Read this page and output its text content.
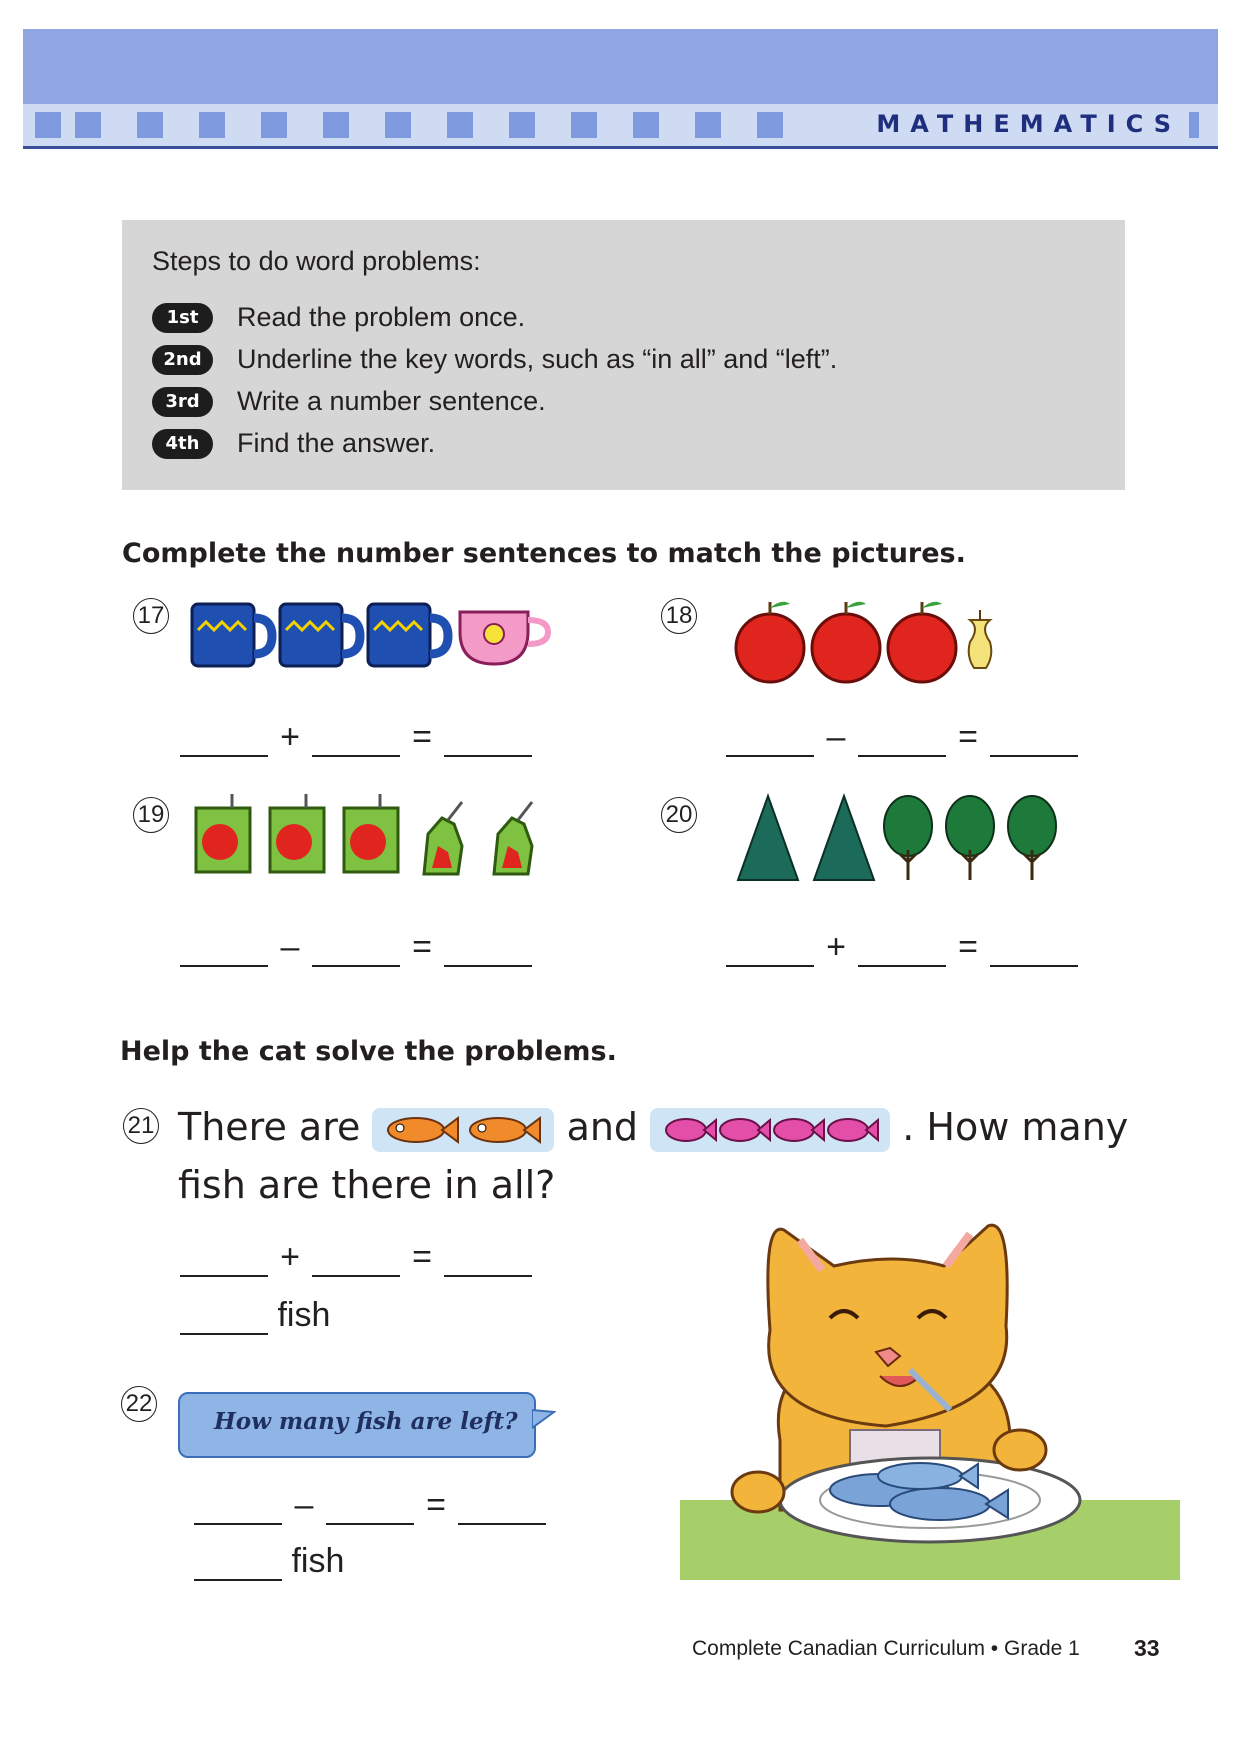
MATHEMATICS
Steps to do word problems:
1st Read the problem once.
2nd Underline the key words, such as “in all” and “left”.
3rd Write a number sentence.
4th Find the answer.
Complete the number sentences to match the pictures.
17
+	=
18
–	=
19
–	=
20
+	=
Help the cat solve the problems.
21 There are	and	. How many
fish are there in all?
+	=
fish
22
How many fish are left?
–	=
fish
Complete Canadian Curriculum • Grade 1 33
